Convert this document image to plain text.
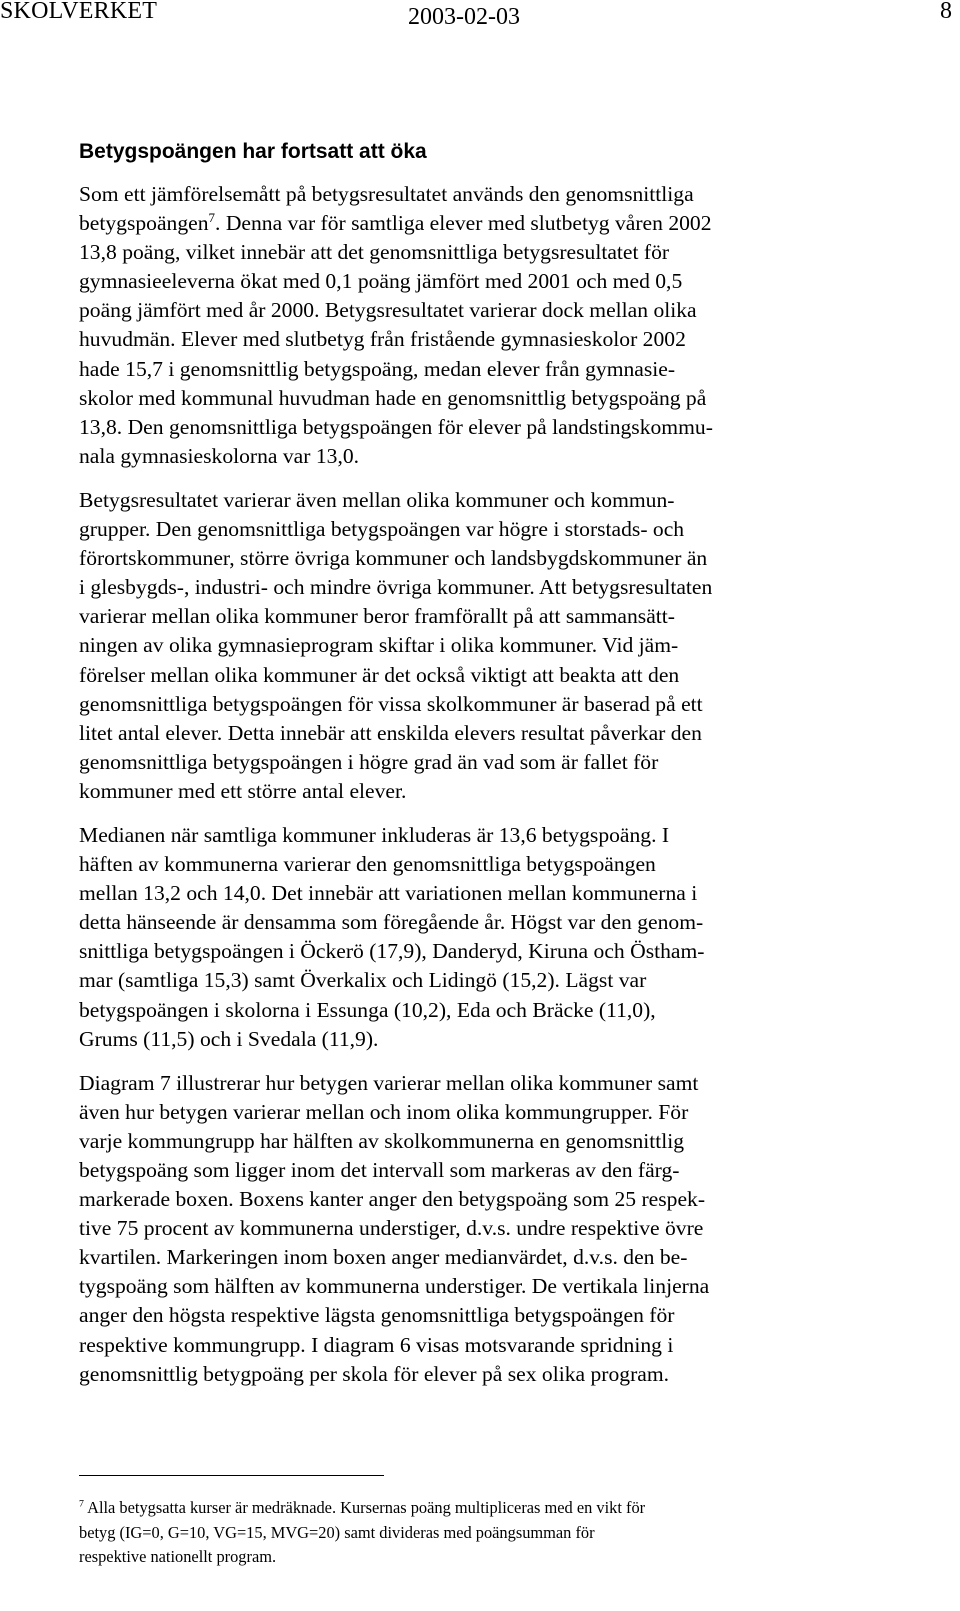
SKOLVERKET	2003-02-03	8
Betygspoängen har fortsatt att öka

Som ett jämförelsemått på betygsresultatet används den genomsnittliga
betygspoängen$^7$. Denna var för samtliga elever med slutbetyg våren 2002
13,8 poäng, vilket innebär att det genomsnittliga betygsresultatet för
gymnasieeleverna ökat med 0,1 poäng jämfört med 2001 och med 0,5
poäng jämfört med år 2000. Betygsresultatet varierar dock mellan olika
huvudmän. Elever med slutbetyg från fristående gymnasieskolor 2002
hade 15,7 i genomsnittlig betygspoäng, medan elever från gymnasie-
skolor med kommunal huvudman hade en genomsnittlig betygspoäng på
13,8. Den genomsnittliga betygspoängen för elever på landstingskommu-
nala gymnasieskolorna var 13,0.

Betygsresultatet varierar även mellan olika kommuner och kommun-
grupper. Den genomsnittliga betygspoängen var högre i storstads- och
förortskommuner, större övriga kommuner och landsbygdskommuner än
i glesbygds-, industri- och mindre övriga kommuner. Att betygsresultaten
varierar mellan olika kommuner beror framförallt på att sammansätt-
ningen av olika gymnasieprogram skiftar i olika kommuner. Vid jäm-
förelser mellan olika kommuner är det också viktigt att beakta att den
genomsnittliga betygspoängen för vissa skolkommuner är baserad på ett
litet antal elever. Detta innebär att enskilda elevers resultat påverkar den
genomsnittliga betygspoängen i högre grad än vad som är fallet för
kommuner med ett större antal elever.

Medianen när samtliga kommuner inkluderas är 13,6 betygspoäng. I
häften av kommunerna varierar den genomsnittliga betygspoängen
mellan 13,2 och 14,0. Det innebär att variationen mellan kommunerna i
detta hänseende är densamma som föregående år. Högst var den genom-
snittliga betygspoängen i Öckerö (17,9), Danderyd, Kiruna och Östham-
mar (samtliga 15,3) samt Överkalix och Lidingö (15,2). Lägst var
betygspoängen i skolorna i Essunga (10,2), Eda och Bräcke (11,0),
Grums (11,5) och i Svedala (11,9).

Diagram 7 illustrerar hur betygen varierar mellan olika kommuner samt
även hur betygen varierar mellan och inom olika kommungrupper. För
varje kommungrupp har hälften av skolkommunerna en genomsnittlig
betygspoäng som ligger inom det intervall som markeras av den färg-
markerade boxen. Boxens kanter anger den betygspoäng som 25 respek-
tive 75 procent av kommunerna understiger, d.v.s. undre respektive övre
kvartilen. Markeringen inom boxen anger medianvärdet, d.v.s. den be-
tygspoäng som hälften av kommunerna understiger. De vertikala linjerna
anger den högsta respektive lägsta genomsnittliga betygspoängen för
respektive kommungrupp. I diagram 6 visas motsvarande spridning i
genomsnittlig betygpoäng per skola för elever på sex olika program.

$^7$ Alla betygsatta kurser är medräknade. Kursernas poäng multipliceras med en vikt för
betyg (IG=0, G=10, VG=15, MVG=20) samt divideras med poängsumman för
respektive nationellt program.
